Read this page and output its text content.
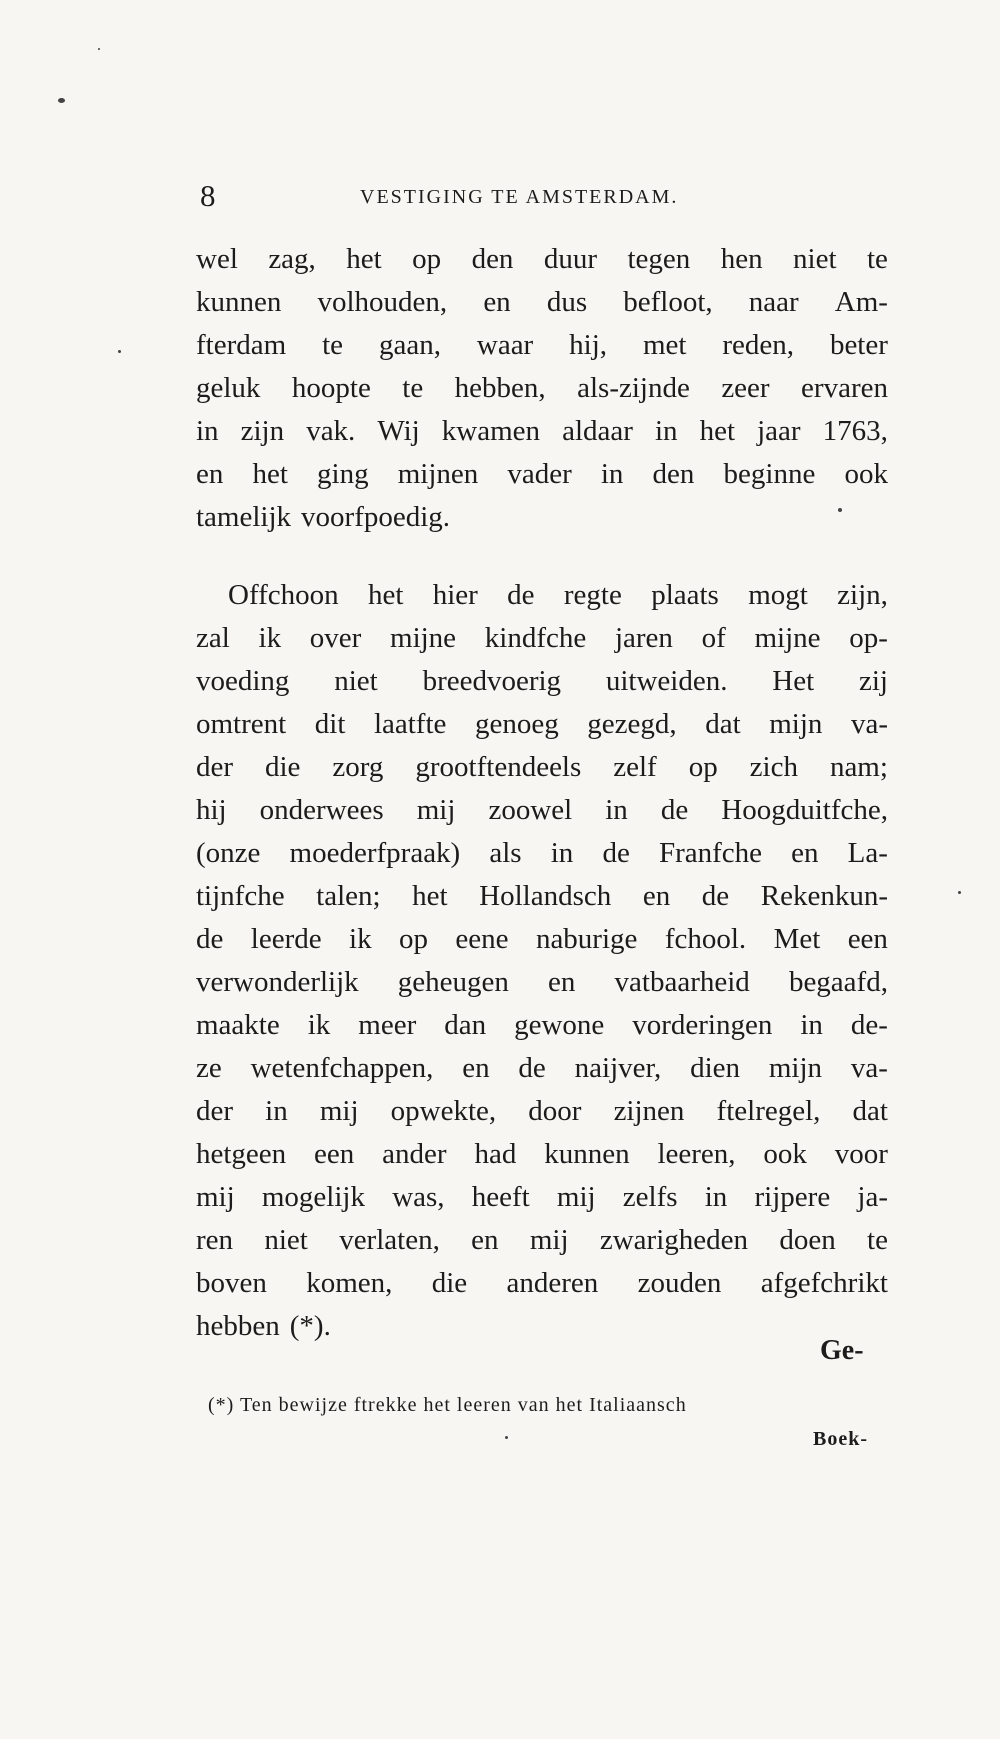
8	VESTIGING TE AMSTERDAM.
wel zag, het op den duur tegen hen niet te
kunnen volhouden, en dus befloot, naar Am-
fterdam te gaan, waar hij, met reden, beter
geluk hoopte te hebben, als-zijnde zeer ervaren
in zijn vak. Wij kwamen aldaar in het jaar 1763,
en het ging mijnen vader in den beginne ook
tamelijk voorfpoedig.
Offchoon het hier de regte plaats mogt zijn,
zal ik over mijne kindfche jaren of mijne op-
voeding niet breedvoerig uitweiden. Het zij
omtrent dit laatfte genoeg gezegd, dat mijn va-
der die zorg grootftendeels zelf op zich nam;
hij onderwees mij zoowel in de Hoogduitfche,
(onze moederfpraak) als in de Franfche en La-
tijnfche talen; het Hollandsch en de Rekenkun-
de leerde ik op eene naburige fchool. Met een
verwonderlijk geheugen en vatbaarheid begaafd,
maakte ik meer dan gewone vorderingen in de-
ze wetenfchappen, en de naijver, dien mijn va-
der in mij opwekte, door zijnen ftelregel, dat
hetgeen een ander had kunnen leeren, ook voor
mij mogelijk was, heeft mij zelfs in rijpere ja-
ren niet verlaten, en mij zwarigheden doen te
boven komen, die anderen zouden afgefchrikt
hebben (*).
Ge-
(*) Ten bewijze ftrekke het leeren van het Italiaansch
Boek-
